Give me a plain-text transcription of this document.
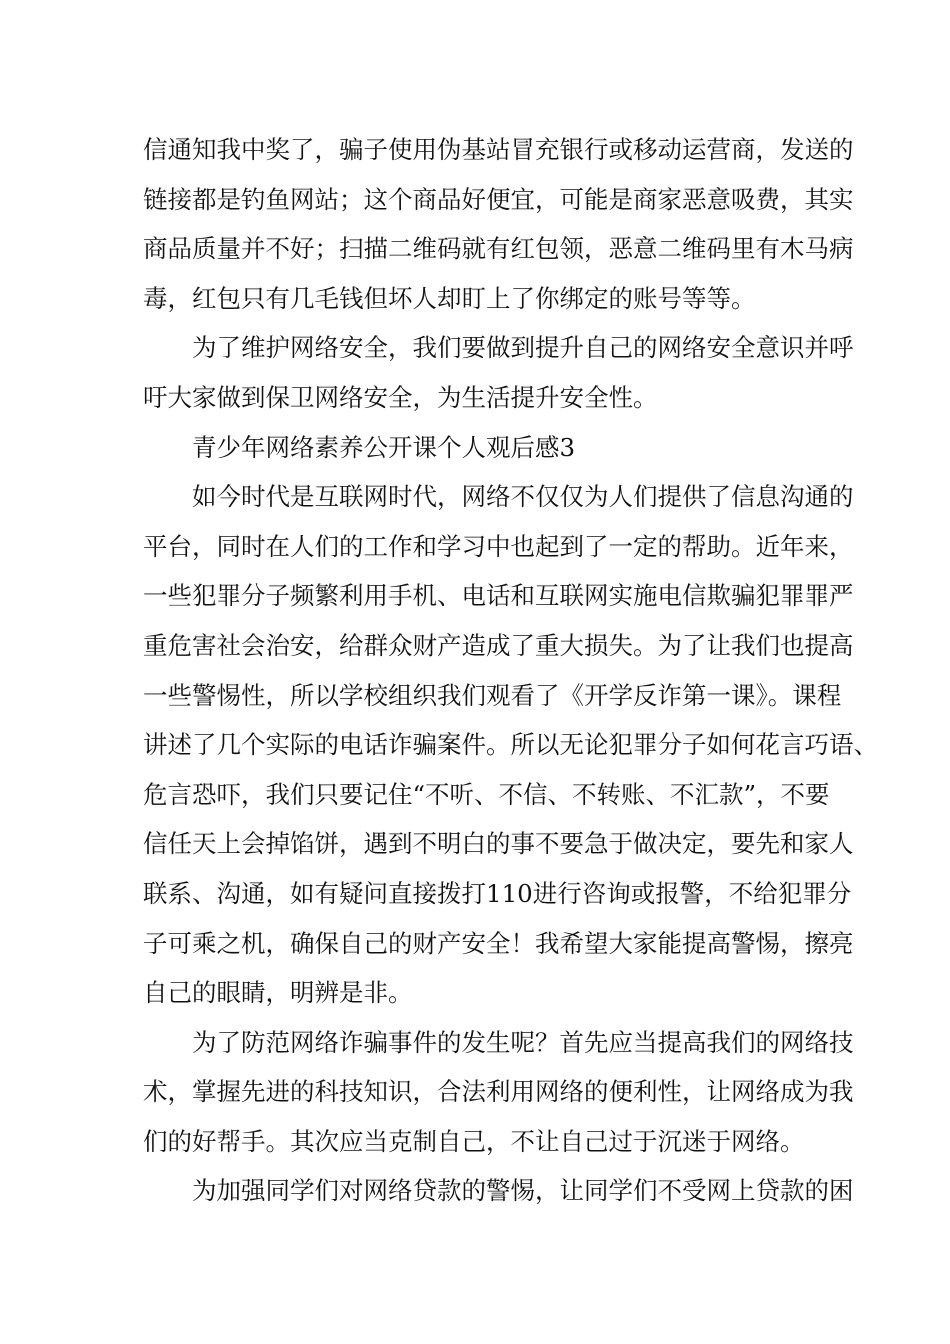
信通知我中奖了，骗子使用伪基站冒充银行或移动运营商，发送的
链接都是钓鱼网站；这个商品好便宜，可能是商家恶意吸费，其实
商品质量并不好；扫描二维码就有红包领，恶意二维码里有木马病
毒，红包只有几毛钱但坏人却盯上了你绑定的账号等等。
为了维护网络安全，我们要做到提升自己的网络安全意识并呼
吁大家做到保卫网络安全，为生活提升安全性。
青少年网络素养公开课个人观后感3
如今时代是互联网时代，网络不仅仅为人们提供了信息沟通的
平台，同时在人们的工作和学习中也起到了一定的帮助。近年来，
一些犯罪分子频繁利用手机、电话和互联网实施电信欺骗犯罪罪严
重危害社会治安，给群众财产造成了重大损失。为了让我们也提高
一些警惕性，所以学校组织我们观看了《开学反诈第一课》。课程
讲述了几个实际的电话诈骗案件。所以无论犯罪分子如何花言巧语、
危言恐吓，我们只要记住“不听、不信、不转账、不汇款”，不要
信任天上会掉馅饼，遇到不明白的事不要急于做决定，要先和家人
联系、沟通，如有疑问直接拨打110进行咨询或报警，不给犯罪分
子可乘之机，确保自己的财产安全！我希望大家能提高警惕，擦亮
自己的眼睛，明辨是非。
为了防范网络诈骗事件的发生呢？首先应当提高我们的网络技
术，掌握先进的科技知识，合法利用网络的便利性，让网络成为我
们的好帮手。其次应当克制自己，不让自己过于沉迷于网络。
为加强同学们对网络贷款的警惕，让同学们不受网上贷款的困
